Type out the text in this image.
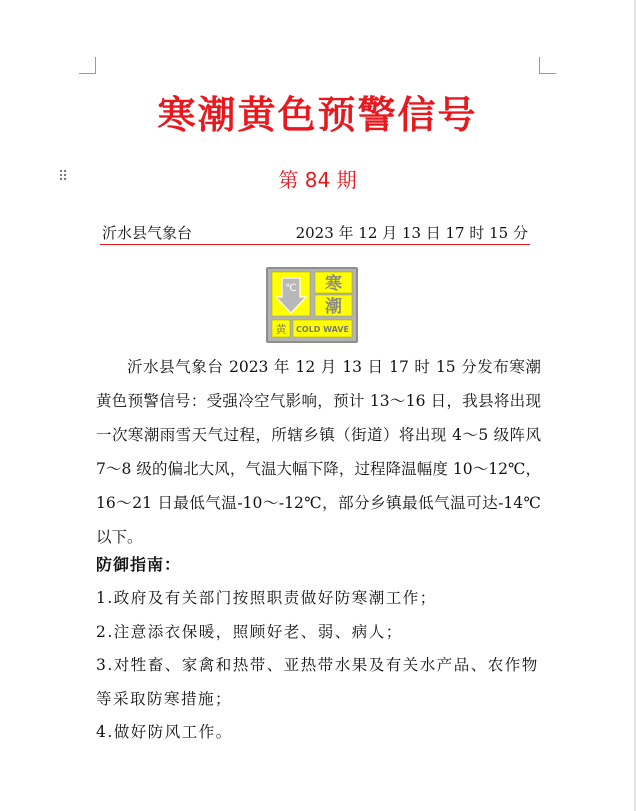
⠿
寒潮黄色预警信号
第 84 期
沂水县气象台	2023 年 12 月 13 日 17 时 15 分
℃ 寒
潮
黄 COLD WAVE

沂水县气象台 2023 年 12 月 13 日 17 时 15 分发布寒潮黄色预警信号：受强冷空气影响，预计 13～16 日，我县将出现一次寒潮雨雪天气过程，所辖乡镇（街道）将出现 4～5 级阵风 7～8 级的偏北大风，气温大幅下降，过程降温幅度 10～12℃，16～21 日最低气温-10～-12℃，部分乡镇最低气温可达-14℃以下。

防御指南：
1.政府及有关部门按照职责做好防寒潮工作；
2.注意添衣保暖，照顾好老、弱、病人；
3.对牲畜、家禽和热带、亚热带水果及有关水产品、农作物等采取防寒措施；
4.做好防风工作。
